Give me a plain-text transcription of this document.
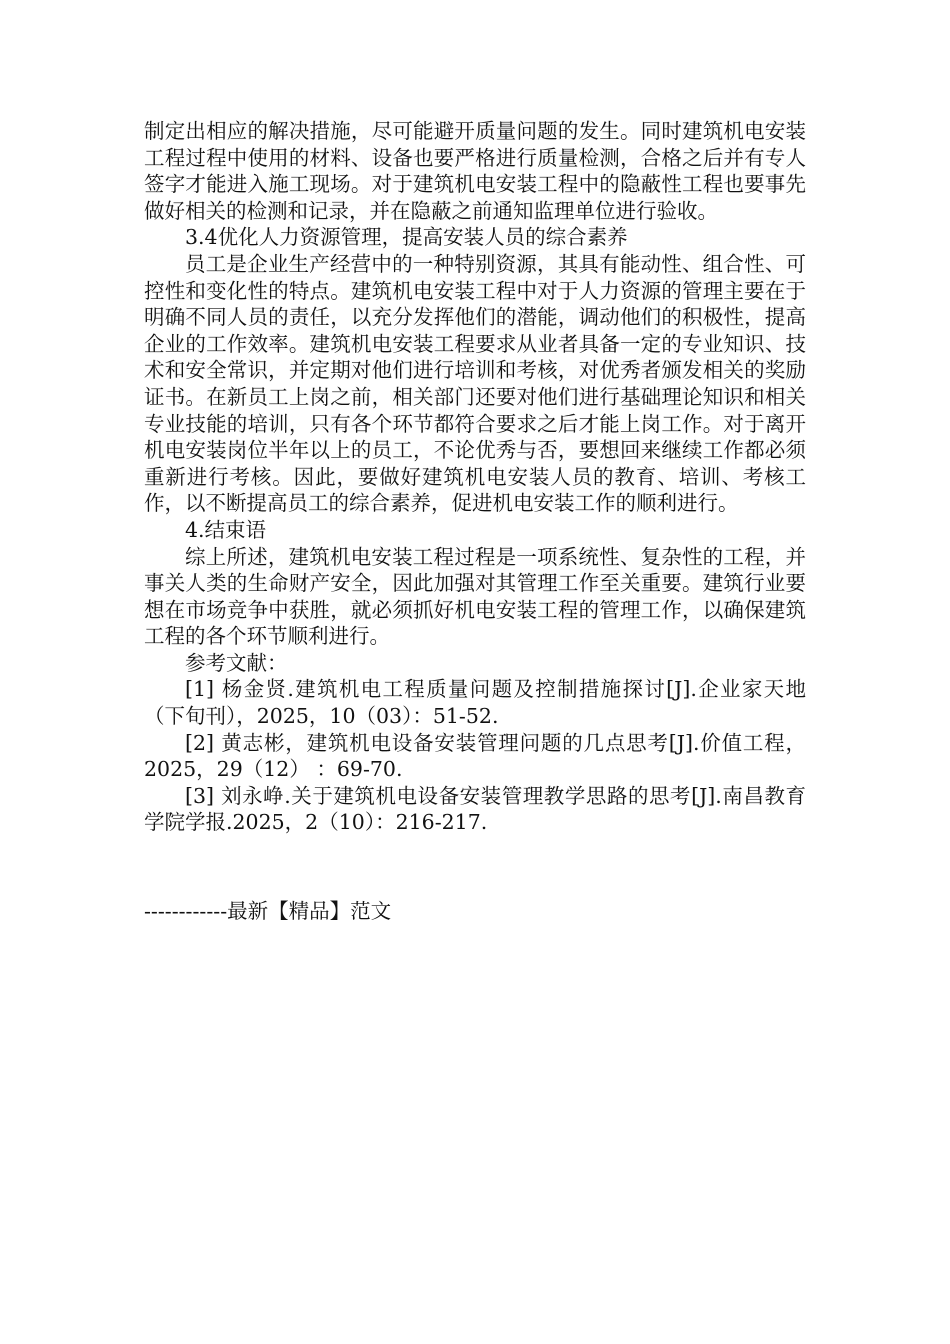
制定出相应的解决措施，尽可能避开质量问题的发生。同时建筑机电安装工程过程中使用的材料、设备也要严格进行质量检测，合格之后并有专人签字才能进入施工现场。对于建筑机电安装工程中的隐蔽性工程也要事先做好相关的检测和记录，并在隐蔽之前通知监理单位进行验收。

3.4优化人力资源管理，提高安装人员的综合素养

员工是企业生产经营中的一种特别资源，其具有能动性、组合性、可控性和变化性的特点。建筑机电安装工程中对于人力资源的管理主要在于明确不同人员的责任，以充分发挥他们的潜能，调动他们的积极性，提高企业的工作效率。建筑机电安装工程要求从业者具备一定的专业知识、技术和安全常识，并定期对他们进行培训和考核，对优秀者颁发相关的奖励证书。在新员工上岗之前，相关部门还要对他们进行基础理论知识和相关专业技能的培训，只有各个环节都符合要求之后才能上岗工作。对于离开机电安装岗位半年以上的员工，不论优秀与否，要想回来继续工作都必须重新进行考核。因此，要做好建筑机电安装人员的教育、培训、考核工作，以不断提高员工的综合素养，促进机电安装工作的顺利进行。

4.结束语

综上所述，建筑机电安装工程过程是一项系统性、复杂性的工程，并事关人类的生命财产安全，因此加强对其管理工作至关重要。建筑行业要想在市场竞争中获胜，就必须抓好机电安装工程的管理工作，以确保建筑工程的各个环节顺利进行。

参考文献：

[1] 杨金贤.建筑机电工程质量问题及控制措施探讨[J].企业家天地（下旬刊），2025，10（03）：51-52.

[2] 黄志彬，建筑机电设备安装管理问题的几点思考[J].价值工程，2025，29（12） ：69-70.

[3] 刘永峥.关于建筑机电设备安装管理教学思路的思考[J].南昌教育学院学报.2025，2（10）：216-217.

------------最新【精品】范文
